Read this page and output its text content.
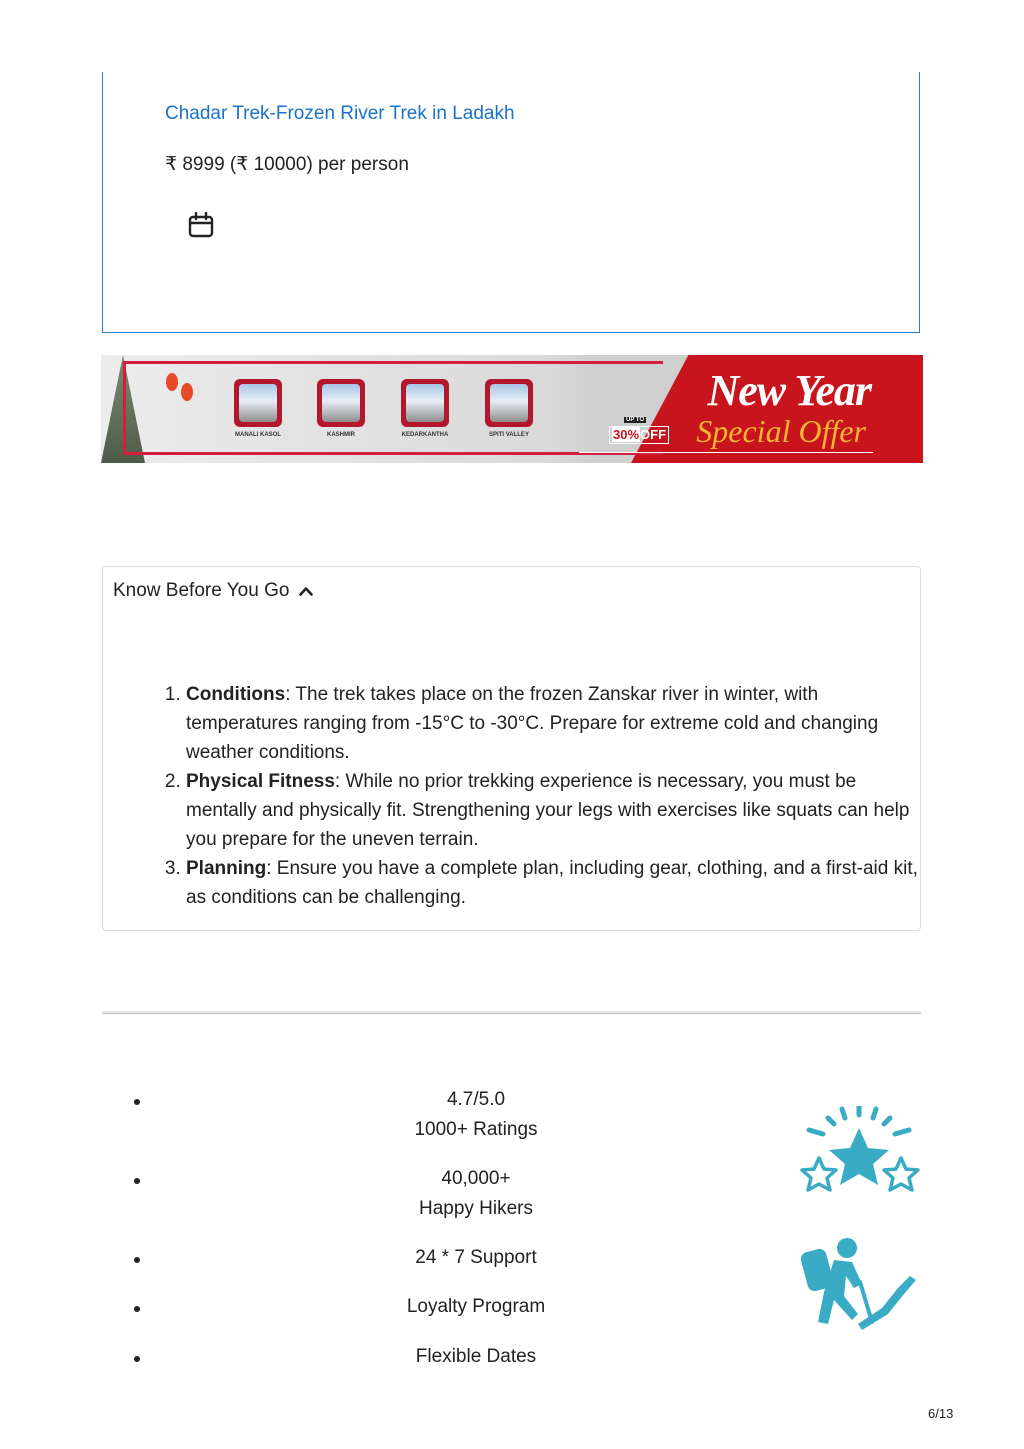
Chadar Trek-Frozen River Trek in Ladakh
₹ 8999 (₹ 10000) per person
MANALI KASOL	KASHMIR	KEDARKANTHA	SPITI VALLEY
UP TO
30%OFF
New Year
Special Offer
Know Before You Go
1. Conditions: The trek takes place on the frozen Zanskar river in winter, with temperatures ranging from -15°C to -30°C. Prepare for extreme cold and changing weather conditions.
2. Physical Fitness: While no prior trekking experience is necessary, you must be mentally and physically fit. Strengthening your legs with exercises like squats can help you prepare for the uneven terrain.
3. Planning: Ensure you have a complete plan, including gear, clothing, and a first-aid kit, as conditions can be challenging.
4.7/5.0
1000+ Ratings
40,000+
Happy Hikers
24 * 7 Support
Loyalty Program
Flexible Dates
6/13
